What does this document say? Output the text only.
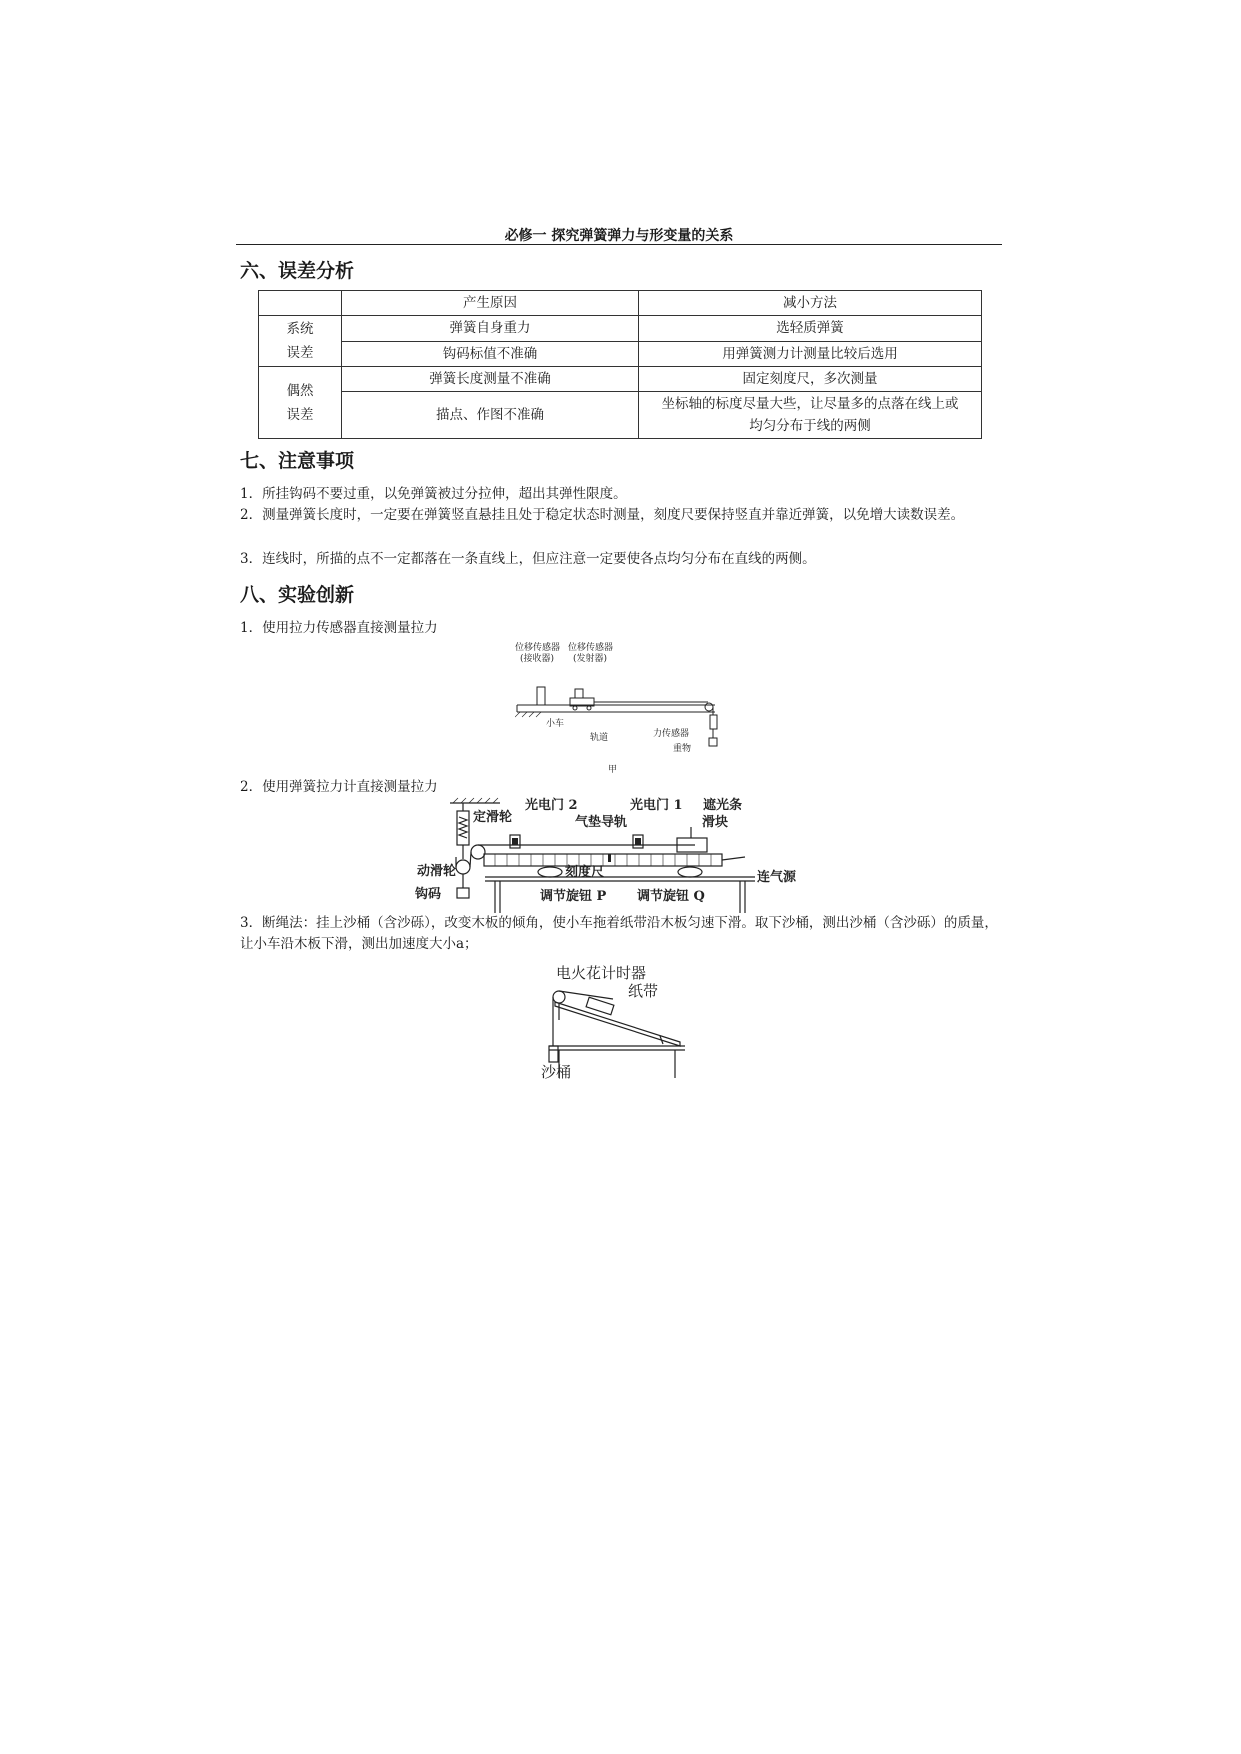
必修一 探究弹簧弹力与形变量的关系
六、误差分析
	产生原因	减小方法
系统
误差	弹簧自身重力	选轻质弹簧
	钩码标值不准确	用弹簧测力计测量比较后选用
偶然
误差	弹簧长度测量不准确	固定刻度尺，多次测量
	描点、作图不准确	坐标轴的标度尽量大些，让尽量多的点落在线上或
均匀分布于线的两侧
七、注意事项
1．所挂钩码不要过重，以免弹簧被过分拉伸，超出其弹性限度。
2．测量弹簧长度时，一定要在弹簧竖直悬挂且处于稳定状态时测量，刻度尺要保持竖直并靠近弹簧，以免增大读数误差。
3．连线时，所描的点不一定都落在一条直线上，但应注意一定要使各点均匀分布在直线的两侧。
八、实验创新
1．使用拉力传感器直接测量拉力
位移传感器
(接收器)
位移传感器
(发射器)
小车
轨道	力传感器
重物
甲
2．使用弹簧拉力计直接测量拉力
定滑轮
光电门 2	光电门 1 遮光条
滑块
气垫导轨
刻度尺
动滑轮
钩码	调节旋钮 P 调节旋钮 Q
连气源
3．断绳法：挂上沙桶（含沙砾），改变木板的倾角，使小车拖着纸带沿木板匀速下滑。取下沙桶，测出沙桶（含沙砾）的质量，让小车沿木板下滑，测出加速度大小a；
电火花计时器
纸带
沙桶
